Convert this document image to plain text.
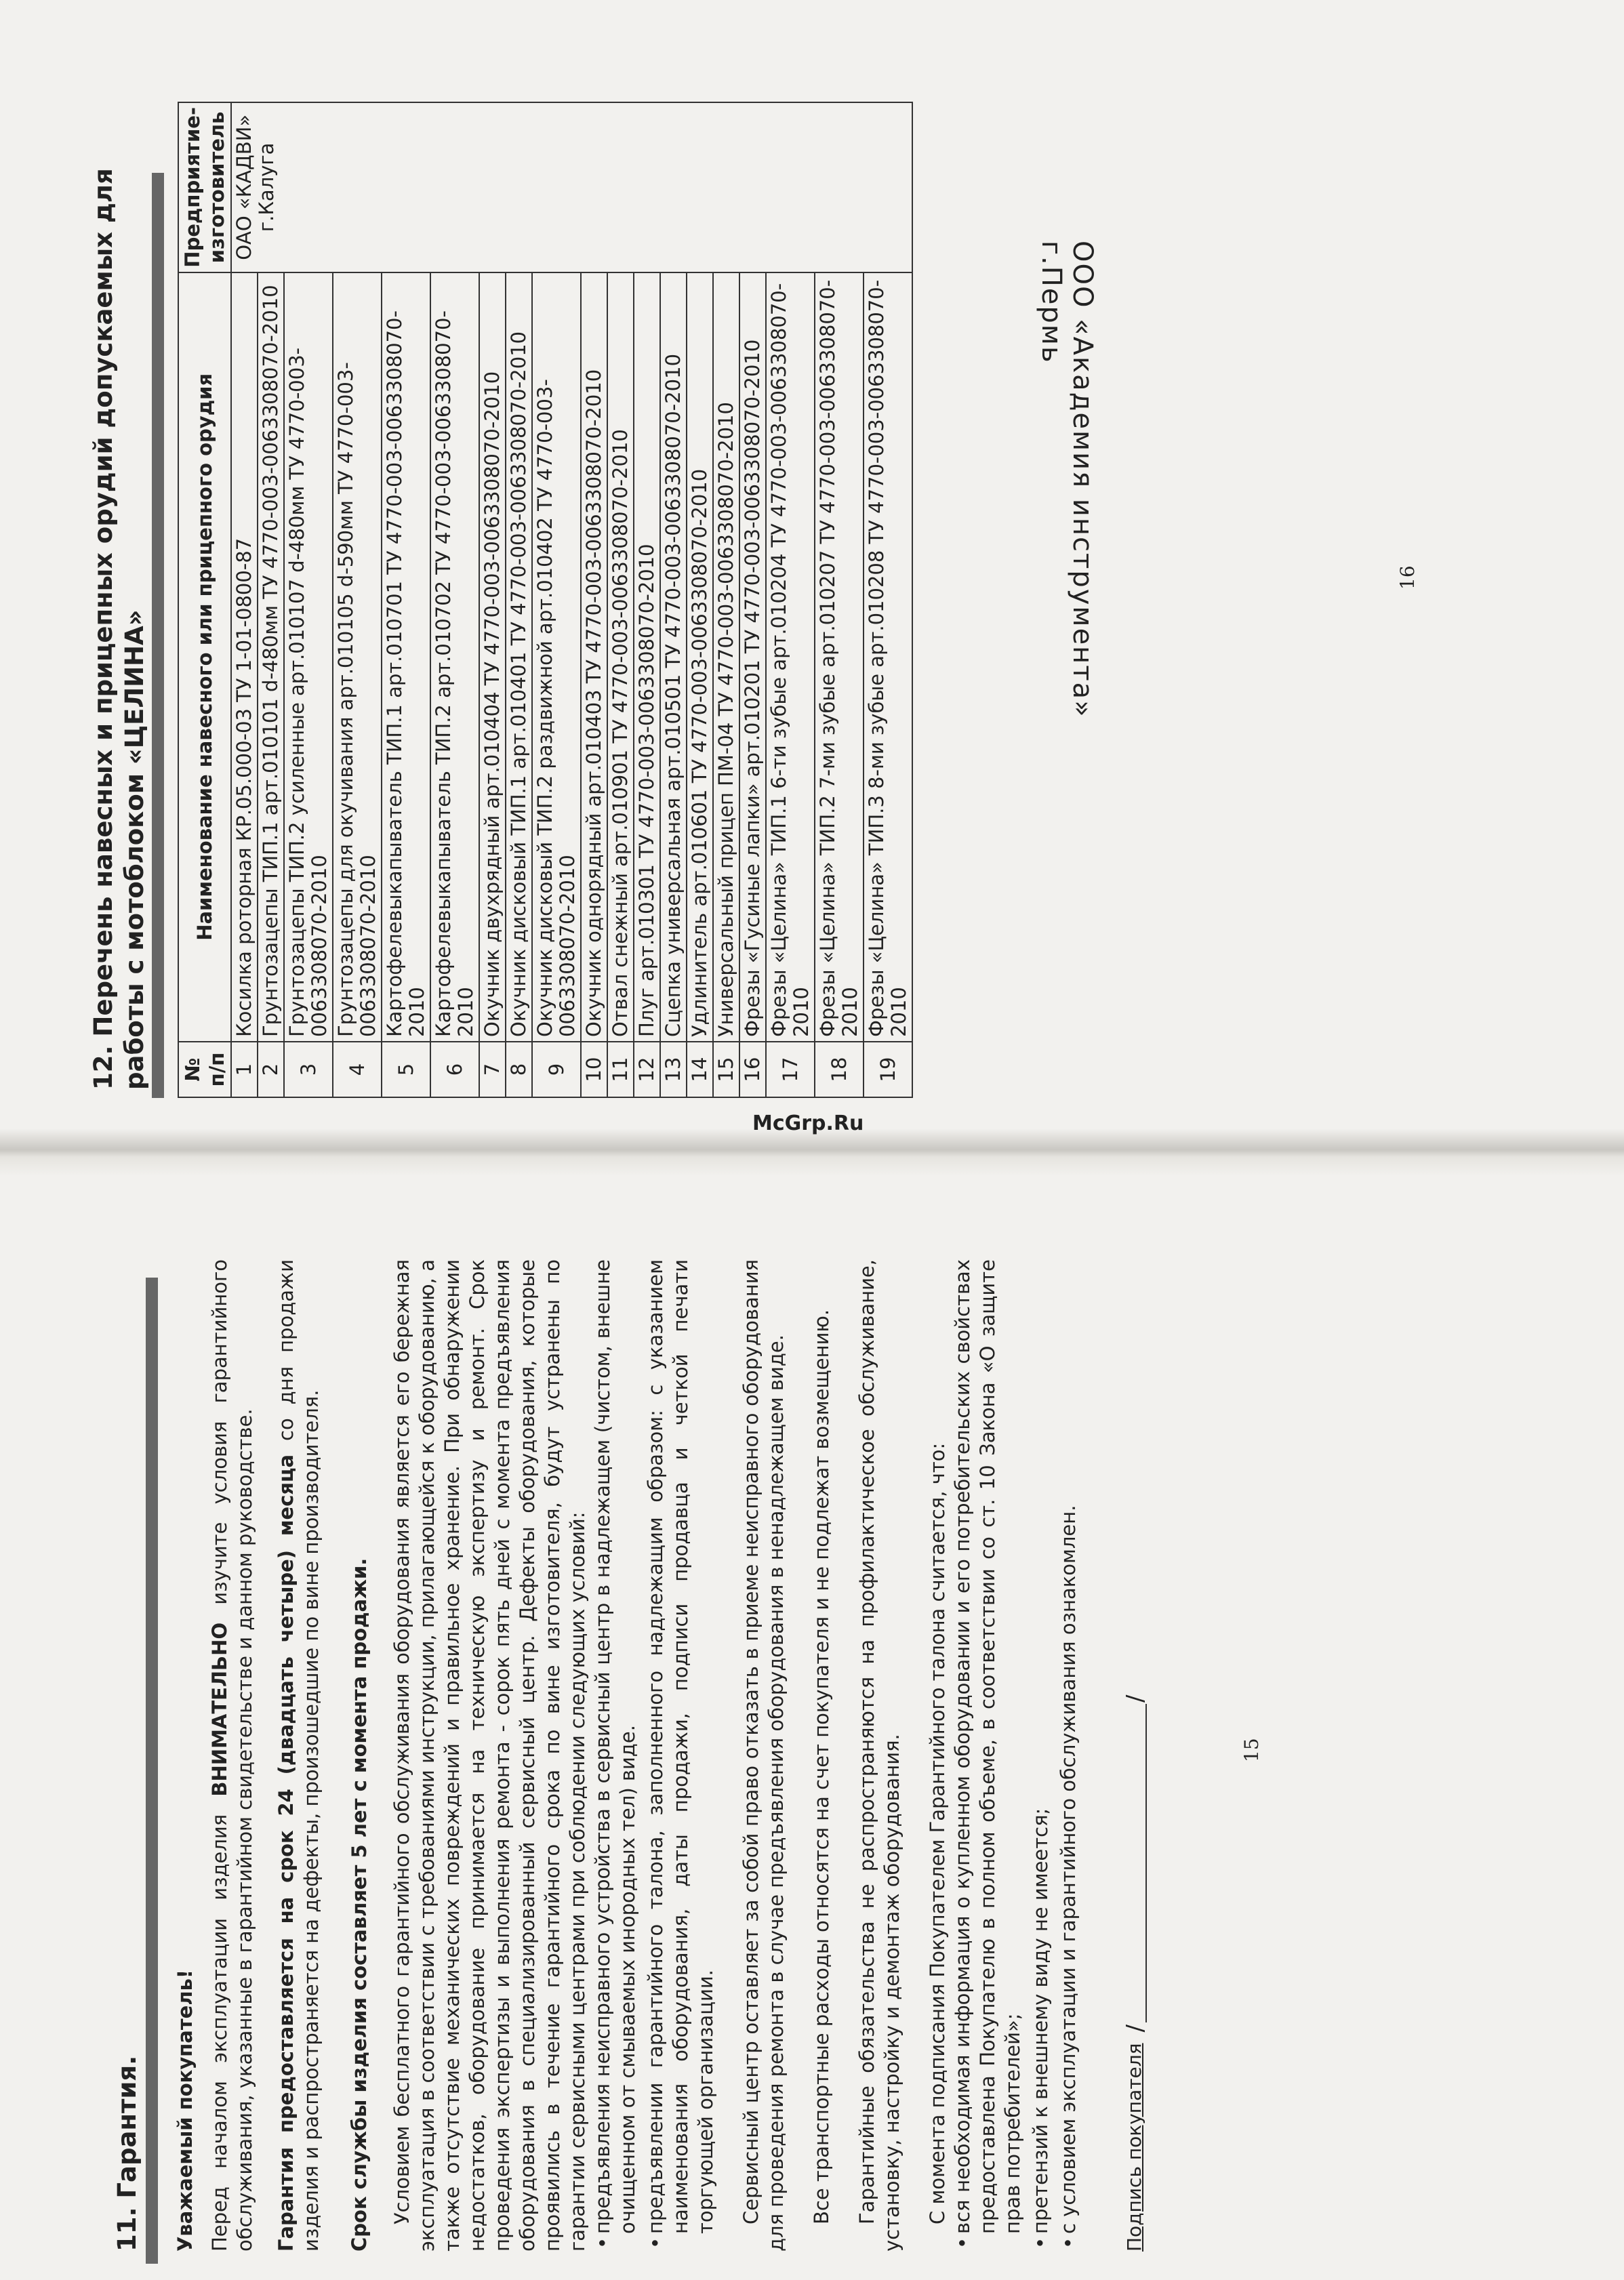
11. Гарантия.	Уважаемый покупатель! Перед началом эксплуатации изделия ВНИМАТЕЛЬНО изучите условия гарантийного обслуживания, указанные в гарантийном свидетельстве и данном руководстве. Гарантия предоставляется на срок 24 (двадцать четыре) месяца со дня продажи изделия и распространяется на дефекты, произошедшие по вине производителя. Срок службы изделия составляет 5 лет с момента продажи. Условием бесплатного гарантийного обслуживания оборудования является его бережная эксплуатация в соответствии с требованиями инструкции, прилагающейся к оборудованию, а также отсутствие механических повреждений и правильное хранение. При обнаружении недостатков, оборудование принимается на техническую экспертизу и ремонт. Срок проведения экспертизы и выполнения ремонта - сорок пять дней с момента предъявления оборудования в специализированный сервисный центр. Дефекты оборудования, которые проявились в течение гарантийного срока по вине изготовителя, будут устранены по гарантии сервисными центрами при соблюдении следующих условий: • предъявления неисправного устройства в сервисный центр в надлежащем (чистом, внешне очищенном от смываемых инородных тел) виде. • предъявлении гарантийного талона, заполненного надлежащим образом: с указанием наименования оборудования, даты продажи, подписи продавца и четкой печати торгующей организации. Сервисный центр оставляет за собой право отказать в приеме неисправного оборудования для проведения ремонта в случае предъявления оборудования в ненадлежащем виде. Все транспортные расходы относятся на счет покупателя и не подлежат возмещению. Гарантийные обязательства не распространяются на профилактическое обслуживание, установку, настройку и демонтаж оборудования. С момента подписания Покупателем Гарантийного талона считается, что: • вся необходимая информация о купленном оборудовании и его потребительских свойствах предоставлена Покупателю в полном объеме, в соответствии со ст. 10 Закона «О защите прав потребителей»; • претензий к внешнему виду не имеется; • с условием эксплуатации и гарантийного обслуживания ознакомлен. Подпись покупателя
/ /
15
12. Перечень навесных и прицепных орудий допускаемых для работы с мотоблоком «ЦЕЛИНА» № п/п	Наименование навесного или прицепного орудия	Предприятие-изготовитель
1	Косилка роторная КР.05.000-03 ТУ 1-01-0800-87	ОАО «КАДВИ» г.Калуга

2	Грунтозацепы ТИП.1 арт.010101 d-480мм ТУ 4770-003-0063308070-2010	
3	Грунтозацепы ТИП.2 усиленные арт.010107 d-480мм ТУ 4770-003-0063308070-2010	
4	Грунтозацепы для окучивания арт.010105 d-590мм ТУ 4770-003-0063308070-2010	
5	Картофелевыкапыватель ТИП.1 арт.010701 ТУ 4770-003-0063308070-2010	
6	Картофелевыкапыватель ТИП.2 арт.010702 ТУ 4770-003-0063308070-2010	
7	Окучник двухрядный арт.010404 ТУ 4770-003-0063308070-2010	
8	Окучник дисковый ТИП.1 арт.010401 ТУ 4770-003-0063308070-2010	
9	Окучник дисковый ТИП.2 раздвижной арт.010402 ТУ 4770-003-0063308070-2010	
10	Окучник однорядный арт.010403 ТУ 4770-003-0063308070-2010	
11	Отвал снежный арт.010901 ТУ 4770-003-0063308070-2010	
12	Плуг арт.010301 ТУ 4770-003-0063308070-2010	
13	Сцепка универсальная арт.010501 ТУ 4770-003-0063308070-2010	
14	Удлинитель арт.010601 ТУ 4770-003-0063308070-2010	
15	Универсальный прицеп ПМ-04 ТУ 4770-003-0063308070-2010	
16	Фрезы «Гусиные лапки» арт.010201 ТУ 4770-003-0063308070-2010	
17	Фрезы «Целина» ТИП.1 6-ти зубые арт.010204 ТУ 4770-003-0063308070-2010	
18	Фрезы «Целина» ТИП.2 7-ми зубые арт.010207 ТУ 4770-003-0063308070-2010	
19	Фрезы «Целина» ТИП.3 8-ми зубые арт.010208 ТУ 4770-003-0063308070-2010	
16
ООО «Академия инструмента» г.Пермь
McGrp.Ru
